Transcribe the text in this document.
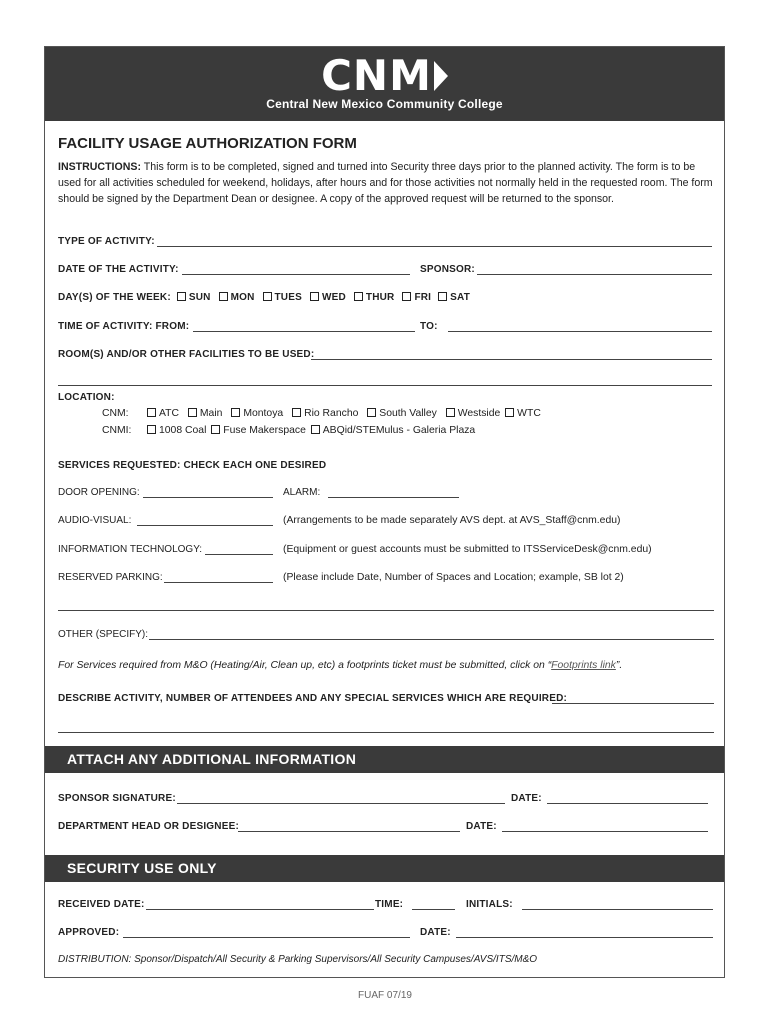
CNM
Central New Mexico Community College
FACILITY USAGE AUTHORIZATION FORM
INSTRUCTIONS: This form is to be completed, signed and turned into Security three days prior to the planned activity. The form is to be used for all activities scheduled for weekend, holidays, after hours and for those activities not normally held in the requested room. The form should be signed by the Department Dean or designee. A copy of the approved request will be returned to the sponsor.
TYPE OF ACTIVITY:
DATE OF THE ACTIVITY:	SPONSOR:
DAY(S) OF THE WEEK: SUN MON TUES WED THUR FRI SAT
TIME OF ACTIVITY: FROM:	TO:
ROOM(S) AND/OR OTHER FACILITIES TO BE USED:
LOCATION:
CNM:	ATC Main Montoya Rio Rancho South Valley Westside WTC
CNMI:	1008 Coal Fuse Makerspace ABQid/STEMulus - Galeria Plaza
SERVICES REQUESTED: CHECK EACH ONE DESIRED
DOOR OPENING:	ALARM:
AUDIO-VISUAL:	(Arrangements to be made separately AVS dept. at AVS_Staff@cnm.edu)
INFORMATION TECHNOLOGY:	(Equipment or guest accounts must be submitted to ITSServiceDesk@cnm.edu)
RESERVED PARKING:	(Please include Date, Number of Spaces and Location; example, SB lot 2)
OTHER (SPECIFY):
For Services required from M&O (Heating/Air, Clean up, etc) a footprints ticket must be submitted, click on “Footprints link”.
DESCRIBE ACTIVITY, NUMBER OF ATTENDEES AND ANY SPECIAL SERVICES WHICH ARE REQUIRED:
ATTACH ANY ADDITIONAL INFORMATION
SPONSOR SIGNATURE:	DATE:
DEPARTMENT HEAD OR DESIGNEE:	DATE:
SECURITY USE ONLY
RECEIVED DATE:	TIME:	INITIALS:
APPROVED:	DATE:
DISTRIBUTION: Sponsor/Dispatch/All Security & Parking Supervisors/All Security Campuses/AVS/ITS/M&O
FUAF 07/19
